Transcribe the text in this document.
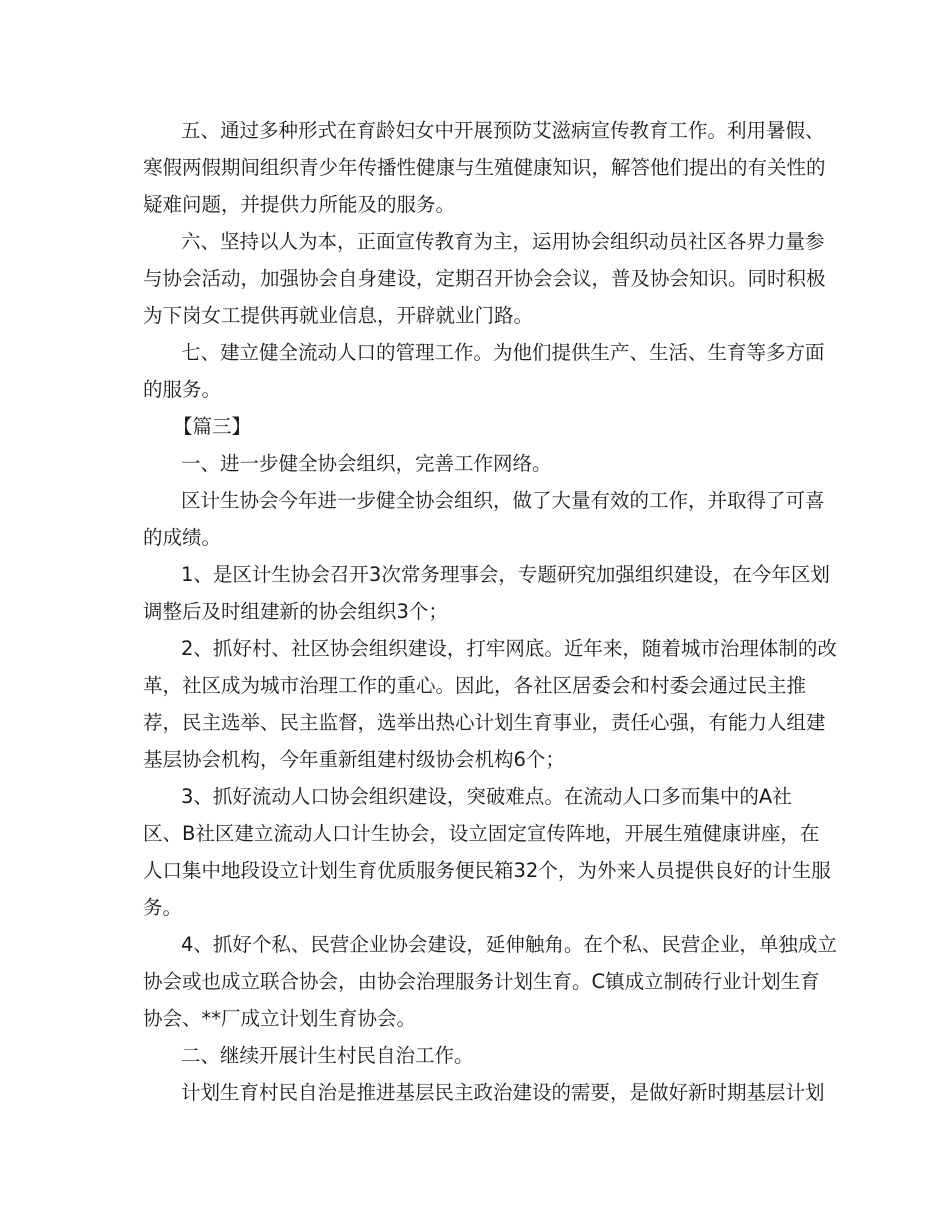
五、通过多种形式在育龄妇女中开展预防艾滋病宣传教育工作。利用暑假、
寒假两假期间组织青少年传播性健康与生殖健康知识，解答他们提出的有关性的
疑难问题，并提供力所能及的服务。
六、坚持以人为本，正面宣传教育为主，运用协会组织动员社区各界力量参
与协会活动，加强协会自身建设，定期召开协会会议，普及协会知识。同时积极
为下岗女工提供再就业信息，开辟就业门路。
七、建立健全流动人口的管理工作。为他们提供生产、生活、生育等多方面
的服务。
【篇三】
一、进一步健全协会组织，完善工作网络。
区计生协会今年进一步健全协会组织，做了大量有效的工作，并取得了可喜
的成绩。
1、是区计生协会召开3次常务理事会，专题研究加强组织建设，在今年区划
调整后及时组建新的协会组织3个；
2、抓好村、社区协会组织建设，打牢网底。近年来，随着城市治理体制的改
革，社区成为城市治理工作的重心。因此，各社区居委会和村委会通过民主推
荐，民主选举、民主监督，选举出热心计划生育事业，责任心强，有能力人组建
基层协会机构，今年重新组建村级协会机构6个；
3、抓好流动人口协会组织建设，突破难点。在流动人口多而集中的A社
区、B社区建立流动人口计生协会，设立固定宣传阵地，开展生殖健康讲座，在
人口集中地段设立计划生育优质服务便民箱32个，为外来人员提供良好的计生服
务。
4、抓好个私、民营企业协会建设，延伸触角。在个私、民营企业，单独成立
协会或也成立联合协会，由协会治理服务计划生育。C镇成立制砖行业计划生育
协会、**厂成立计划生育协会。
二、继续开展计生村民自治工作。
计划生育村民自治是推进基层民主政治建设的需要，是做好新时期基层计划
